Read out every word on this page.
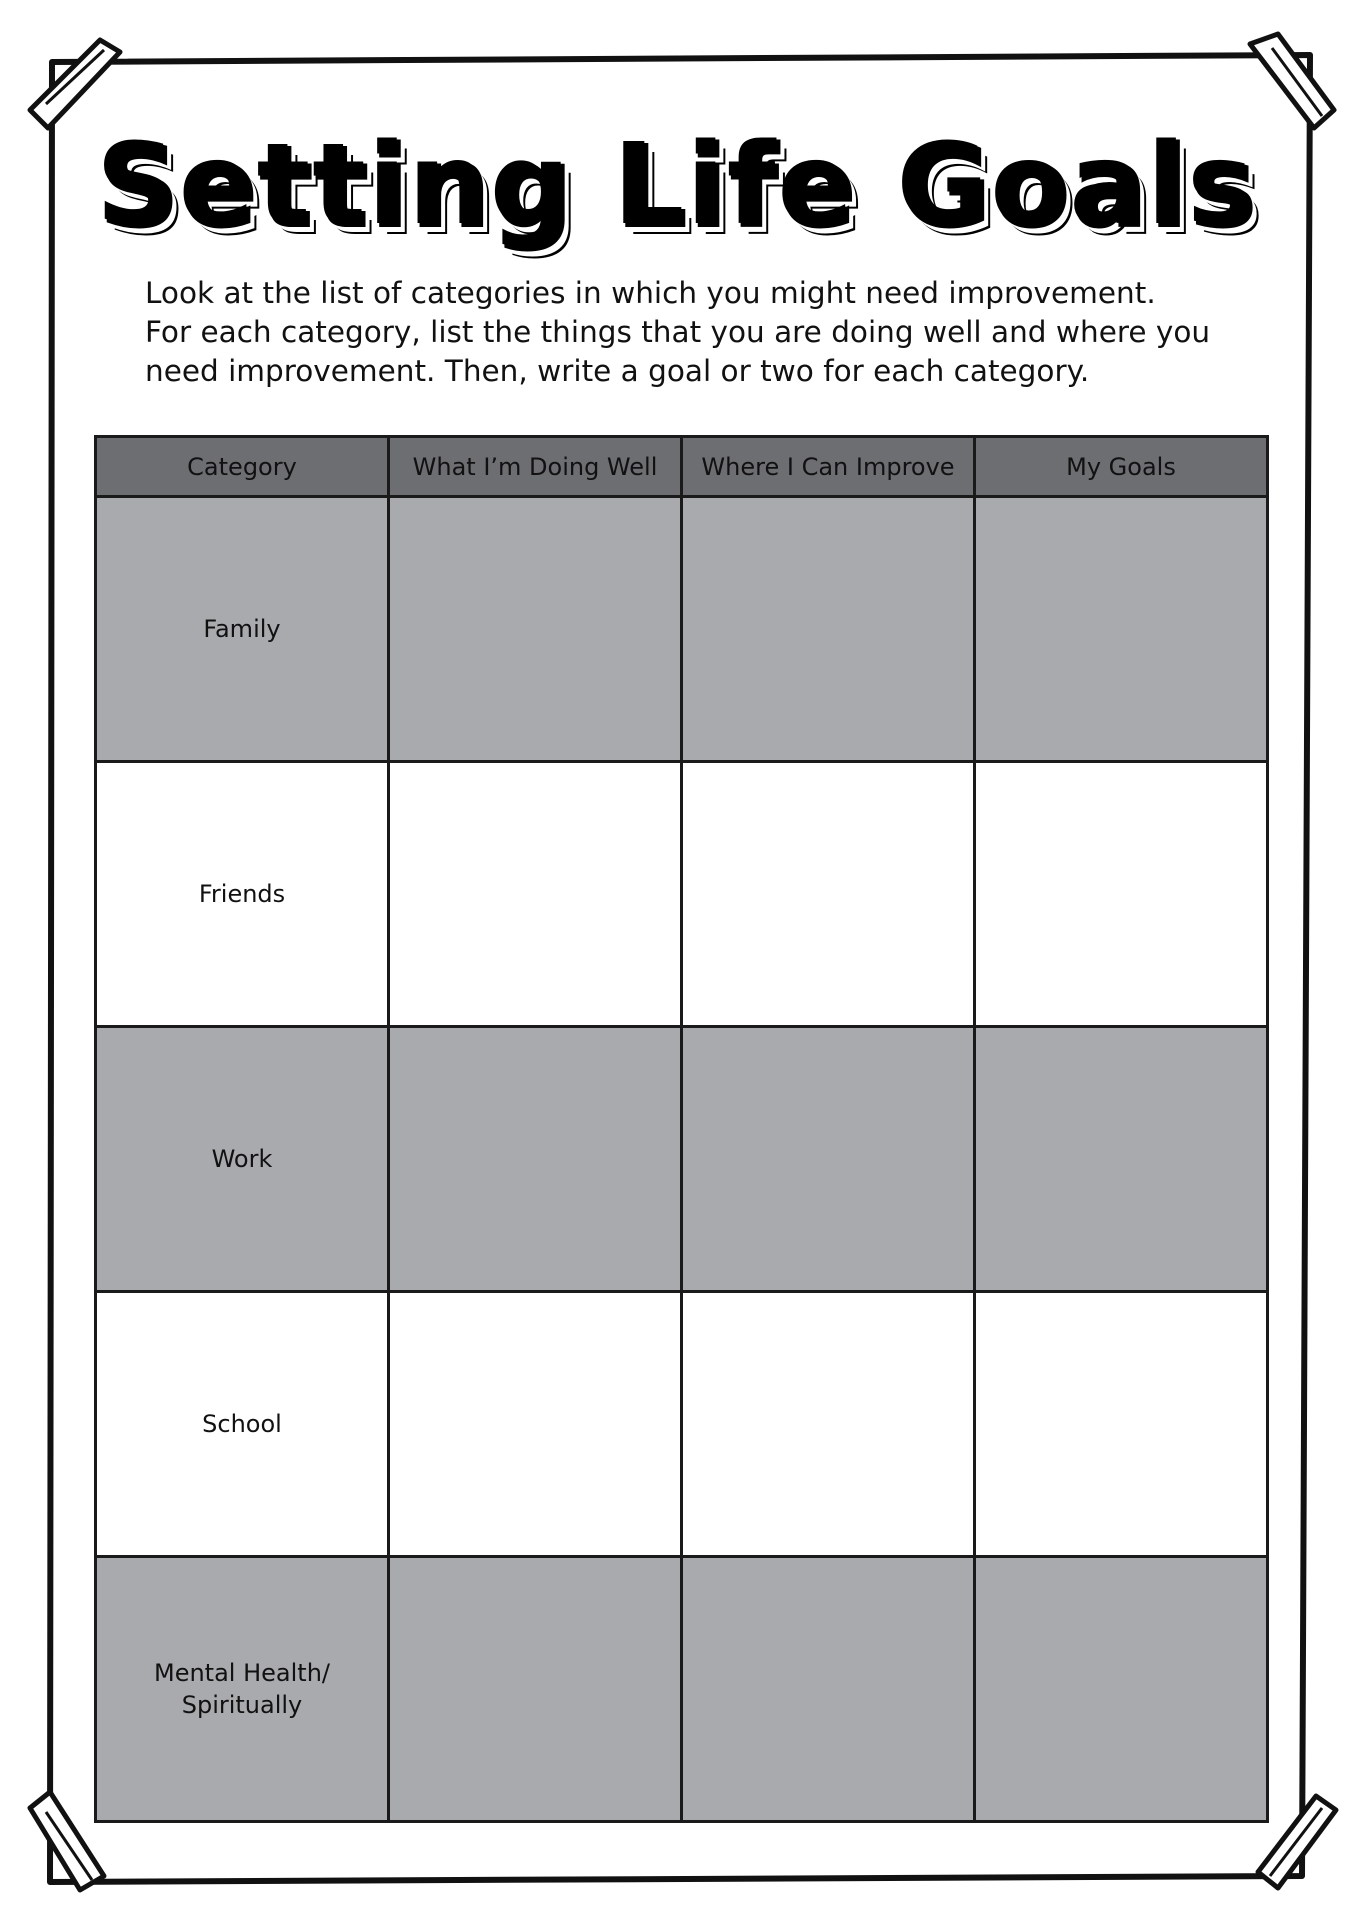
Setting Life Goals
Look at the list of categories in which you might need improvement.
For each category, list the things that you are doing well and where you
need improvement. Then, write a goal or two for each category.
Category	What I’m Doing Well	Where I Can Improve	My Goals
Family			
Friends			
Work			
School			
Mental Health/
Spiritually			
